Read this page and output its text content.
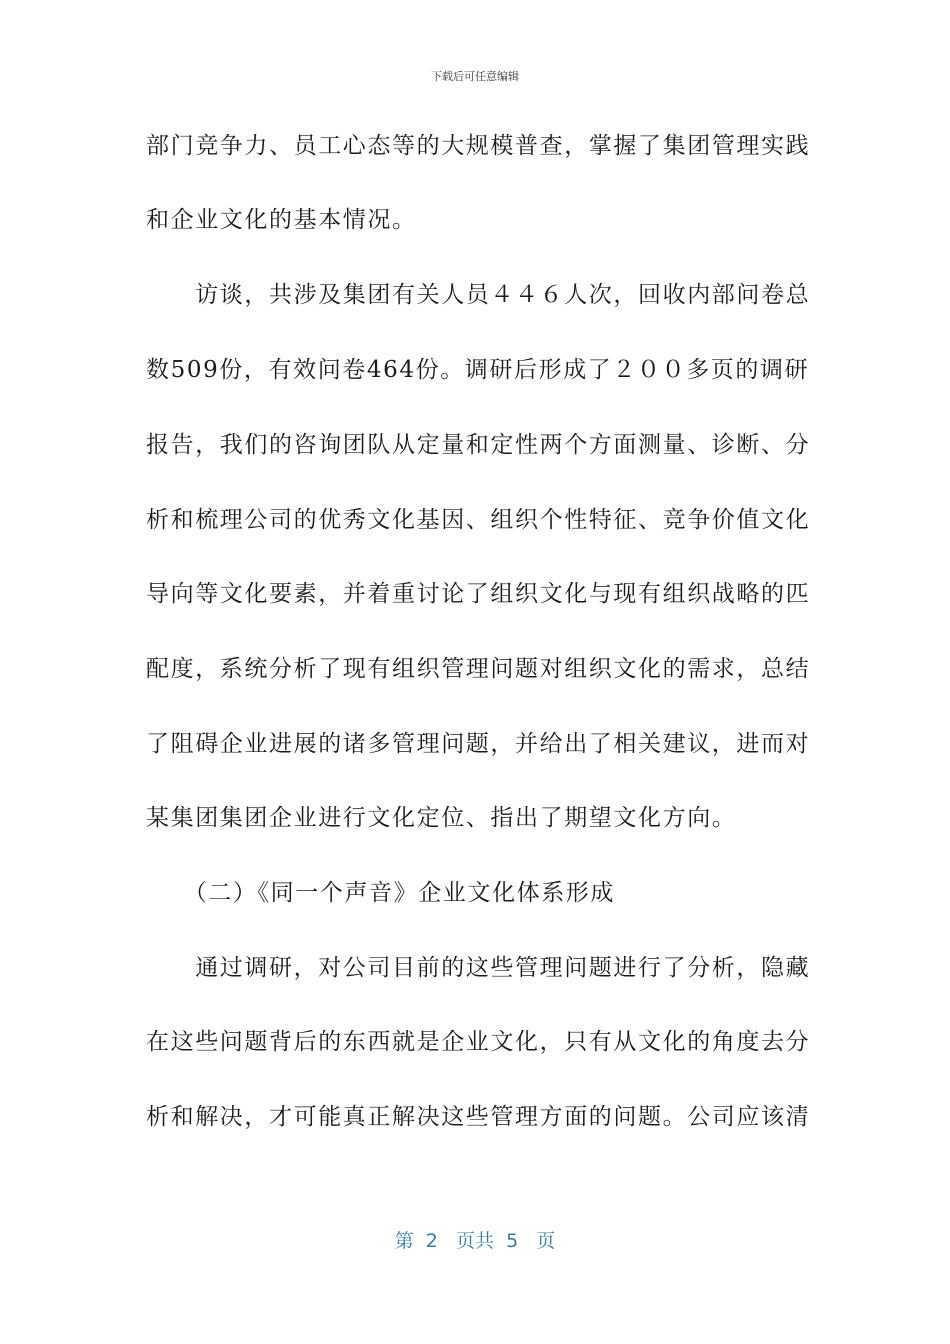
下载后可任意编辑
部门竞争力、员工心态等的大规模普查，掌握了集团管理实践
和企业文化的基本情况。
　　访谈，共涉及集团有关人员４４６人次，回收内部问卷总
数509份，有效问卷464份。调研后形成了２００多页的调研
报告，我们的咨询团队从定量和定性两个方面测量、诊断、分
析和梳理公司的优秀文化基因、组织个性特征、竞争价值文化
导向等文化要素，并着重讨论了组织文化与现有组织战略的匹
配度，系统分析了现有组织管理问题对组织文化的需求，总结
了阻碍企业进展的诸多管理问题，并给出了相关建议，进而对
某集团集团企业进行文化定位、指出了期望文化方向。
　　（二）《同一个声音》企业文化体系形成
　　通过调研，对公司目前的这些管理问题进行了分析，隐藏
在这些问题背后的东西就是企业文化，只有从文化的角度去分
析和解决，才可能真正解决这些管理方面的问题。公司应该清
第  2   页共  5   页
